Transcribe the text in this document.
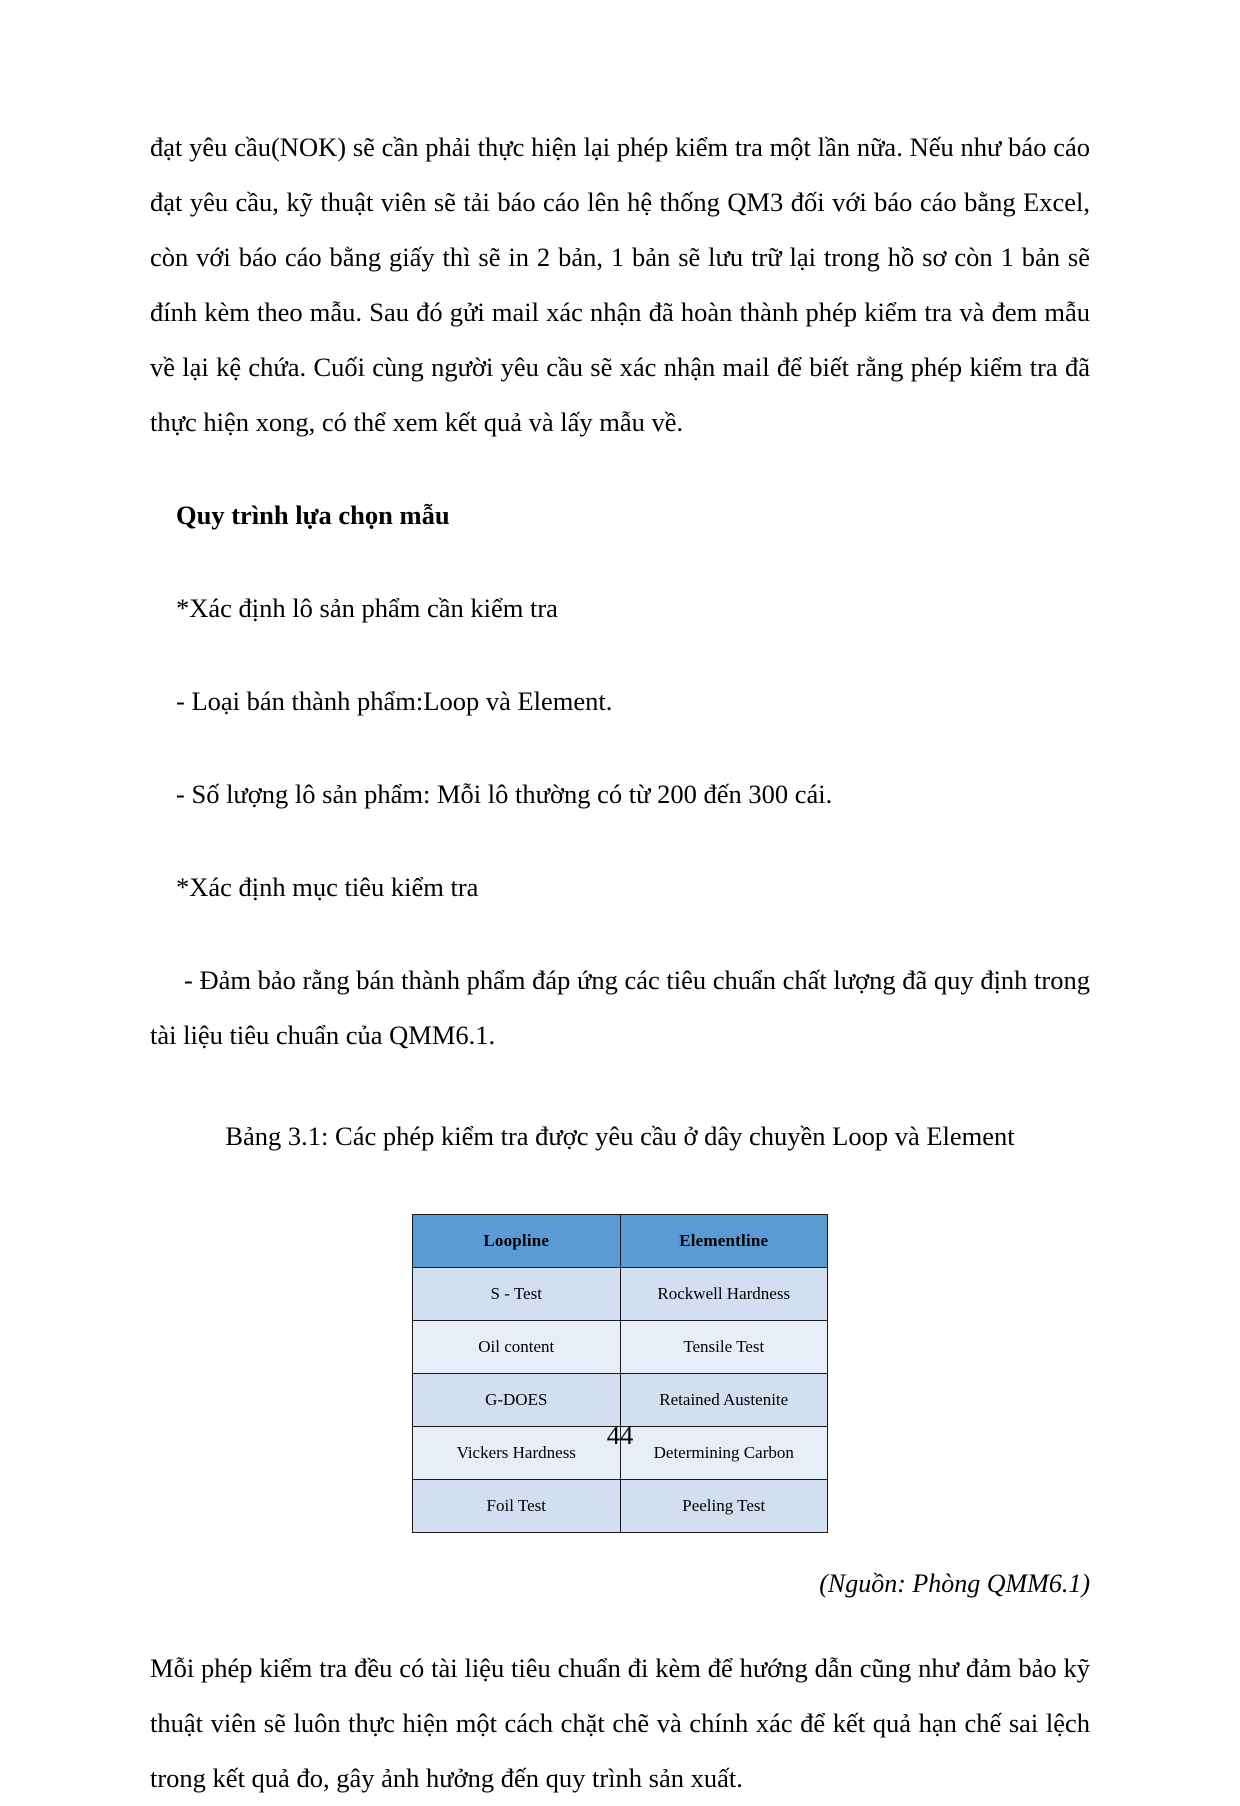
đạt yêu cầu(NOK) sẽ cần phải thực hiện lại phép kiểm tra một lần nữa. Nếu như báo cáo đạt yêu cầu, kỹ thuật viên sẽ tải báo cáo lên hệ thống QM3 đối với báo cáo bằng Excel, còn với báo cáo bằng giấy thì sẽ in 2 bản, 1 bản sẽ lưu trữ lại trong hồ sơ còn 1 bản sẽ đính kèm theo mẫu. Sau đó gửi mail xác nhận đã hoàn thành phép kiểm tra và đem mẫu về lại kệ chứa. Cuối cùng người yêu cầu sẽ xác nhận mail để biết rằng phép kiểm tra đã thực hiện xong, có thể xem kết quả và lấy mẫu về.

Quy trình lựa chọn mẫu

*Xác định lô sản phẩm cần kiểm tra

- Loại bán thành phẩm:Loop và Element.

- Số lượng lô sản phẩm: Mỗi lô thường có từ 200 đến 300 cái.

*Xác định mục tiêu kiểm tra

- Đảm bảo rằng bán thành phẩm đáp ứng các tiêu chuẩn chất lượng đã quy định trong tài liệu tiêu chuẩn của QMM6.1.

Bảng 3.1: Các phép kiểm tra được yêu cầu ở dây chuyền Loop và Element

Loopline	Elementline
S - Test	Rockwell Hardness
Oil content	Tensile Test
G-DOES	Retained Austenite
Vickers Hardness	Determining Carbon
Foil Test	Peeling Test

(Nguồn: Phòng QMM6.1)

Mỗi phép kiểm tra đều có tài liệu tiêu chuẩn đi kèm để hướng dẫn cũng như đảm bảo kỹ thuật viên sẽ luôn thực hiện một cách chặt chẽ và chính xác để kết quả hạn chế sai lệch trong kết quả đo, gây ảnh hưởng đến quy trình sản xuất.

44
